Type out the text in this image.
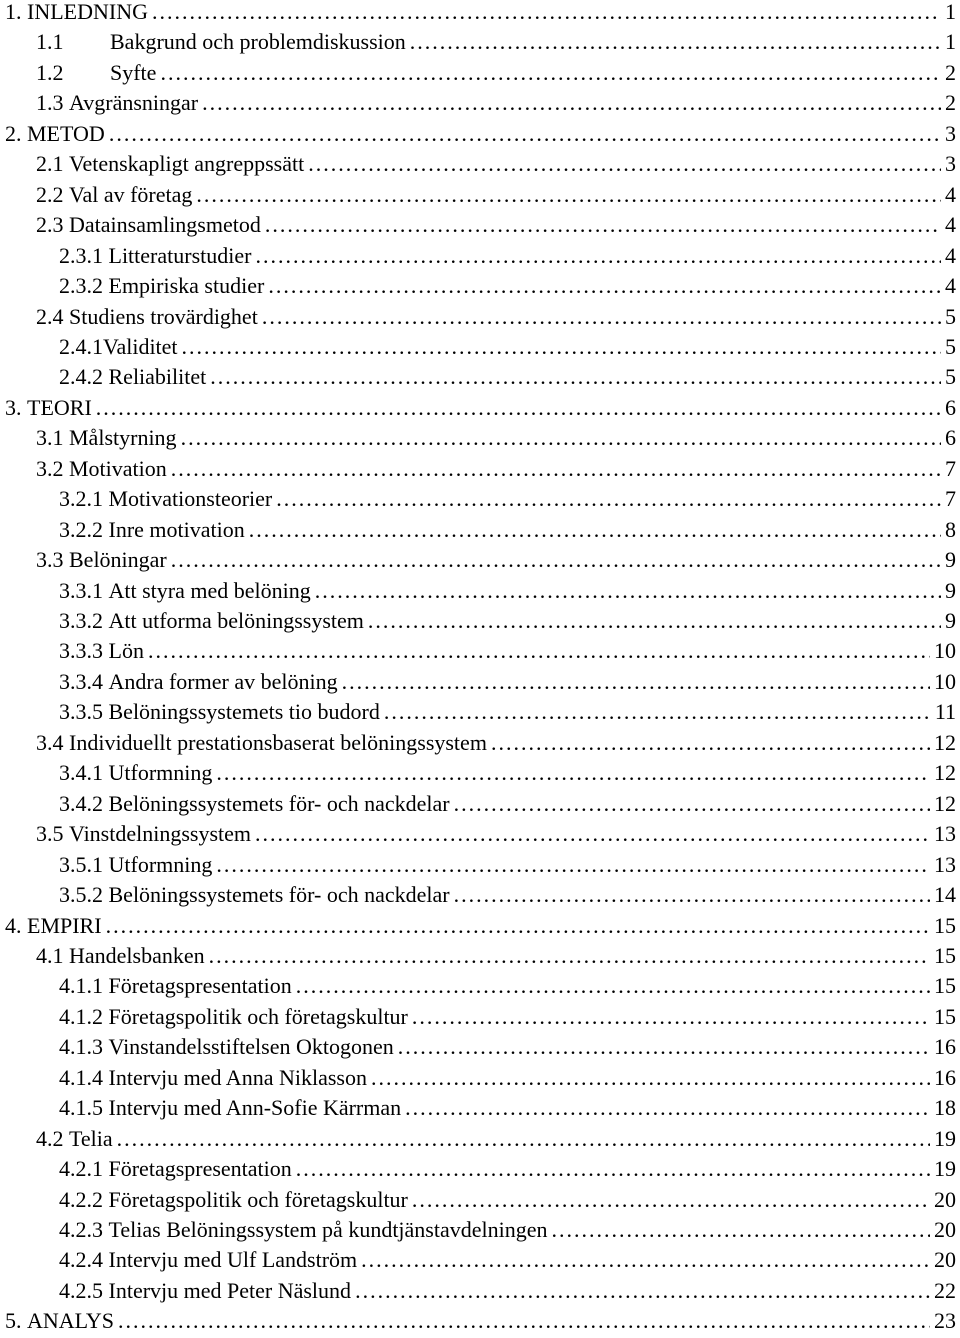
1. INLEDNING .....	1
1.1 Bakgrund och problemdiskussion .....	1
1.2 Syfte .....	2
1.3 Avgränsningar .....	2
2. METOD .....	3
2.1 Vetenskapligt angreppssätt .....	3
2.2 Val av företag .....	4
2.3 Datainsamlingsmetod .....	4
2.3.1 Litteraturstudier .....	4
2.3.2 Empiriska studier .....	4
2.4 Studiens trovärdighet .....	5
2.4.1Validitet .....	5
2.4.2 Reliabilitet .....	5
3. TEORI .....	6
3.1 Målstyrning .....	6
3.2 Motivation .....	7
3.2.1 Motivationsteorier .....	7
3.2.2 Inre motivation .....	8
3.3 Belöningar .....	9
3.3.1 Att styra med belöning .....	9
3.3.2 Att utforma belöningssystem .....	9
3.3.3 Lön .....	10
3.3.4 Andra former av belöning .....	10
3.3.5 Belöningssystemets tio budord .....	11
3.4 Individuellt prestationsbaserat belöningssystem .....	12
3.4.1 Utformning .....	12
3.4.2 Belöningssystemets för- och nackdelar .....	12
3.5 Vinstdelningssystem .....	13
3.5.1 Utformning .....	13
3.5.2 Belöningssystemets för- och nackdelar .....	14
4. EMPIRI .....	15
4.1 Handelsbanken .....	15
4.1.1 Företagspresentation .....	15
4.1.2 Företagspolitik och företagskultur .....	15
4.1.3 Vinstandelsstiftelsen Oktogonen .....	16
4.1.4 Intervju med Anna Niklasson .....	16
4.1.5 Intervju med Ann-Sofie Kärrman .....	18
4.2 Telia .....	19
4.2.1 Företagspresentation .....	19
4.2.2 Företagspolitik och företagskultur .....	20
4.2.3 Telias Belöningssystem på kundtjänstavdelningen .....	20
4.2.4 Intervju med Ulf Landström .....	20
4.2.5 Intervju med Peter Näslund .....	22
5. ANALYS .....	23
